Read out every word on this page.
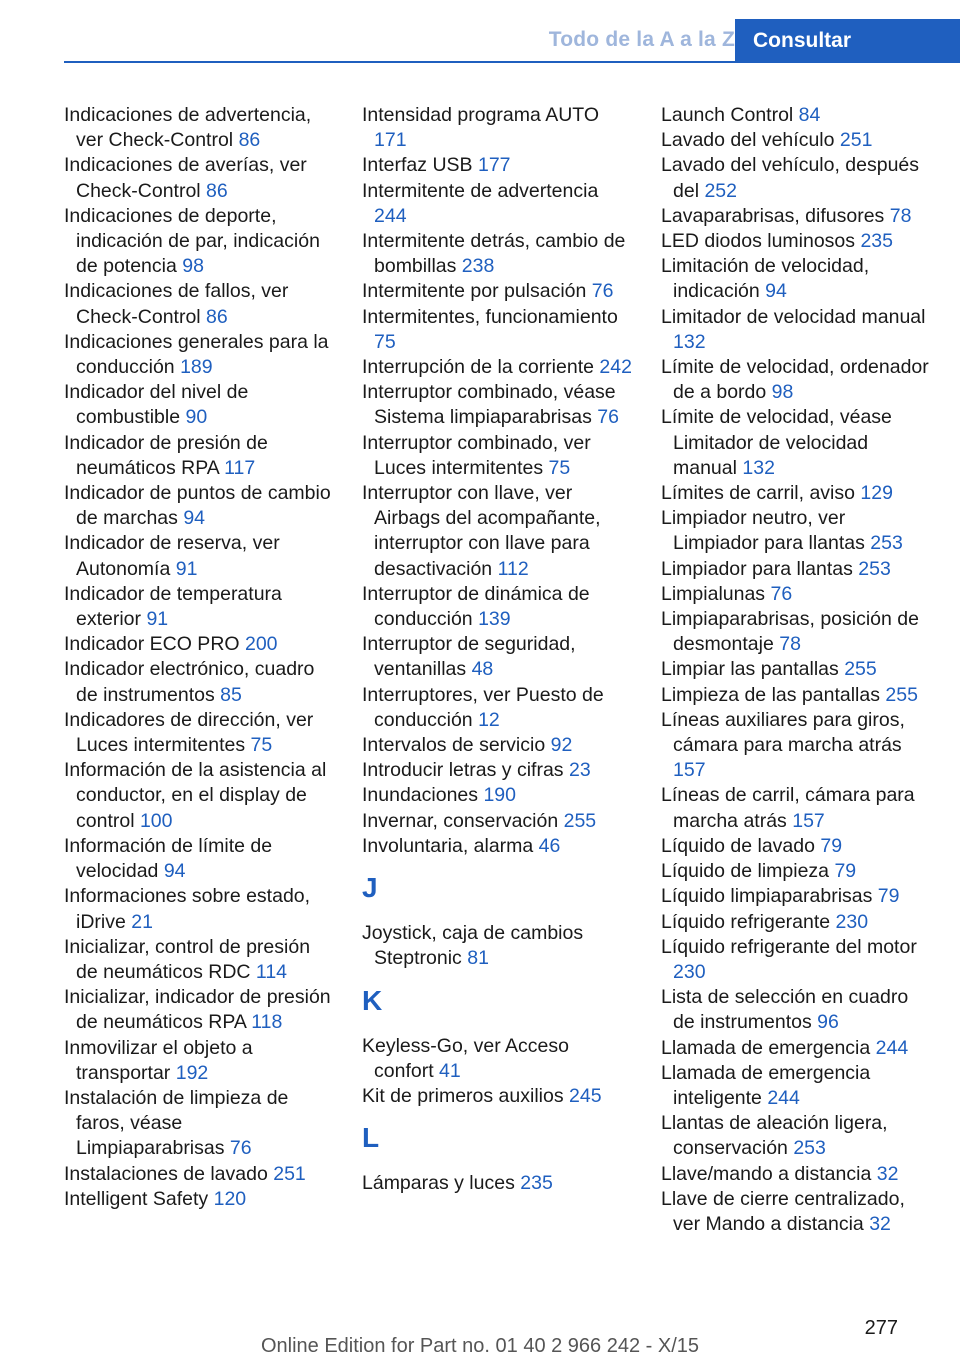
Todo de la A a la Z Consultar

Indicaciones de advertencia, ver Check-Control 86

Indicaciones de averías, ver Check-Control 86

Indicaciones de deporte, indicación de par, indicación de potencia 98

Indicaciones de fallos, ver Check-Control 86

Indicaciones generales para la conducción 189

Indicador del nivel de combustible 90

Indicador de presión de neumáticos RPA 117

Indicador de puntos de cambio de marchas 94

Indicador de reserva, ver Autonomía 91

Indicador de temperatura exterior 91

Indicador ECO PRO 200

Indicador electrónico, cuadro de instrumentos 85

Indicadores de dirección, ver Luces intermitentes 75

Información de la asistencia al conductor, en el display de control 100

Información de límite de velocidad 94

Informaciones sobre estado, iDrive 21

Inicializar, control de presión de neumáticos RDC 114

Inicializar, indicador de presión de neumáticos RPA 118

Inmovilizar el objeto a transportar 192

Instalación de limpieza de faros, véase Limpiaparabrisas 76

Instalaciones de lavado 251

Intelligent Safety 120

Intensidad programa AUTO 171

Interfaz USB 177

Intermitente de advertencia 244

Intermitente detrás, cambio de bombillas 238

Intermitente por pulsación 76

Intermitentes, funcionamiento 75

Interrupción de la corriente 242

Interruptor combinado, véase Sistema limpiaparabrisas 76

Interruptor combinado, ver Luces intermitentes 75

Interruptor con llave, ver Airbags del acompañante, interruptor con llave para desactivación 112

Interruptor de dinámica de conducción 139

Interruptor de seguridad, ventanillas 48

Interruptores, ver Puesto de conducción 12

Intervalos de servicio 92

Introducir letras y cifras 23

Inundaciones 190

Invernar, conservación 255

Involuntaria, alarma 46

J

Joystick, caja de cambios Steptronic 81

K

Keyless-Go, ver Acceso confort 41

Kit de primeros auxilios 245

L

Lámparas y luces 235

Launch Control 84

Lavado del vehículo 251

Lavado del vehículo, después del 252

Lavaparabrisas, difusores 78

LED diodos luminosos 235

Limitación de velocidad, indicación 94

Limitador de velocidad manual 132

Límite de velocidad, ordenador de a bordo 98

Límite de velocidad, véase Limitador de velocidad manual 132

Límites de carril, aviso 129

Limpiador neutro, ver Limpiador para llantas 253

Limpiador para llantas 253

Limpialunas 76

Limpiaparabrisas, posición de desmontaje 78

Limpiar las pantallas 255

Limpieza de las pantallas 255

Líneas auxiliares para giros, cámara para marcha atrás 157

Líneas de carril, cámara para marcha atrás 157

Líquido de lavado 79

Líquido de limpieza 79

Líquido limpiaparabrisas 79

Líquido refrigerante 230

Líquido refrigerante del motor 230

Lista de selección en cuadro de instrumentos 96

Llamada de emergencia 244

Llamada de emergencia inteligente 244

Llantas de aleación ligera, conservación 253

Llave/mando a distancia 32

Llave de cierre centralizado, ver Mando a distancia 32

277
Online Edition for Part no. 01 40 2 966 242 - X/15
